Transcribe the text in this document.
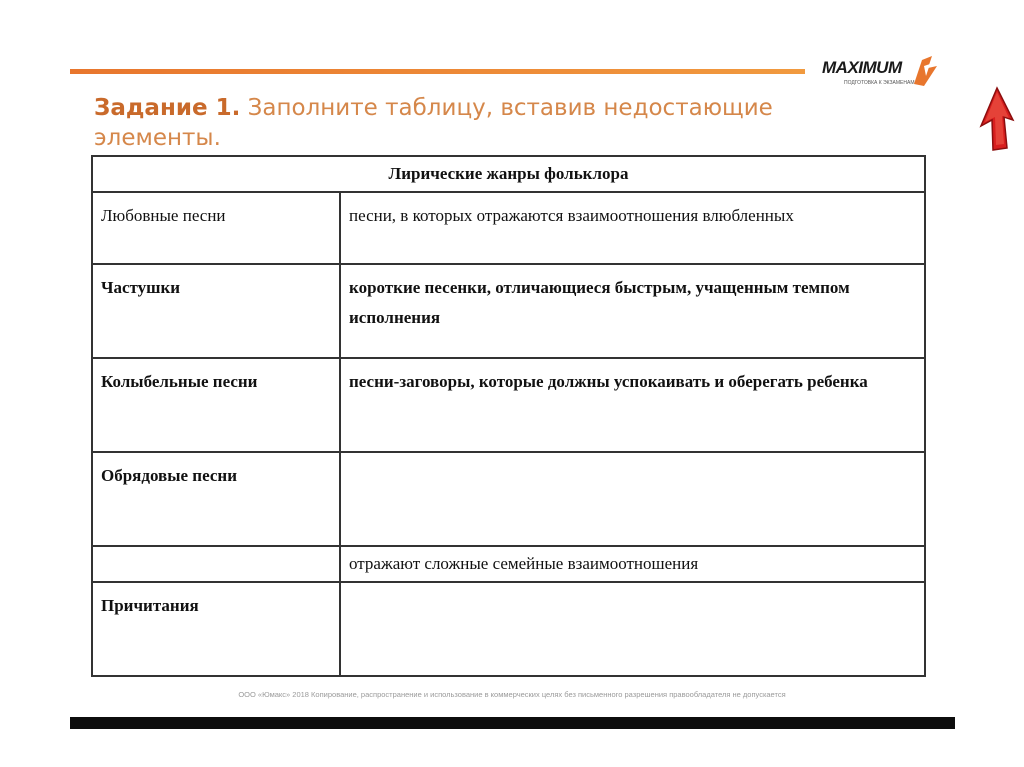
MAXIMUM
ПОДГОТОВКА К ЭКЗАМЕНАМ
Задание 1. Заполните таблицу, вставив недостающие элементы.
Лирические жанры фольклора	
Любовные песни	песни, в которых отражаются взаимоотношения влюбленных
Частушки	короткие песенки, отличающиеся быстрым, учащенным темпом исполнения
Колыбельные песни	песни-заговоры, которые должны успокаивать и оберегать ребенка
Обрядовые песни	
	отражают сложные семейные взаимоотношения
Причитания	
ООО «Юмакс» 2018 Копирование, распространение и использование в коммерческих целях без письменного разрешения правообладателя не допускается
